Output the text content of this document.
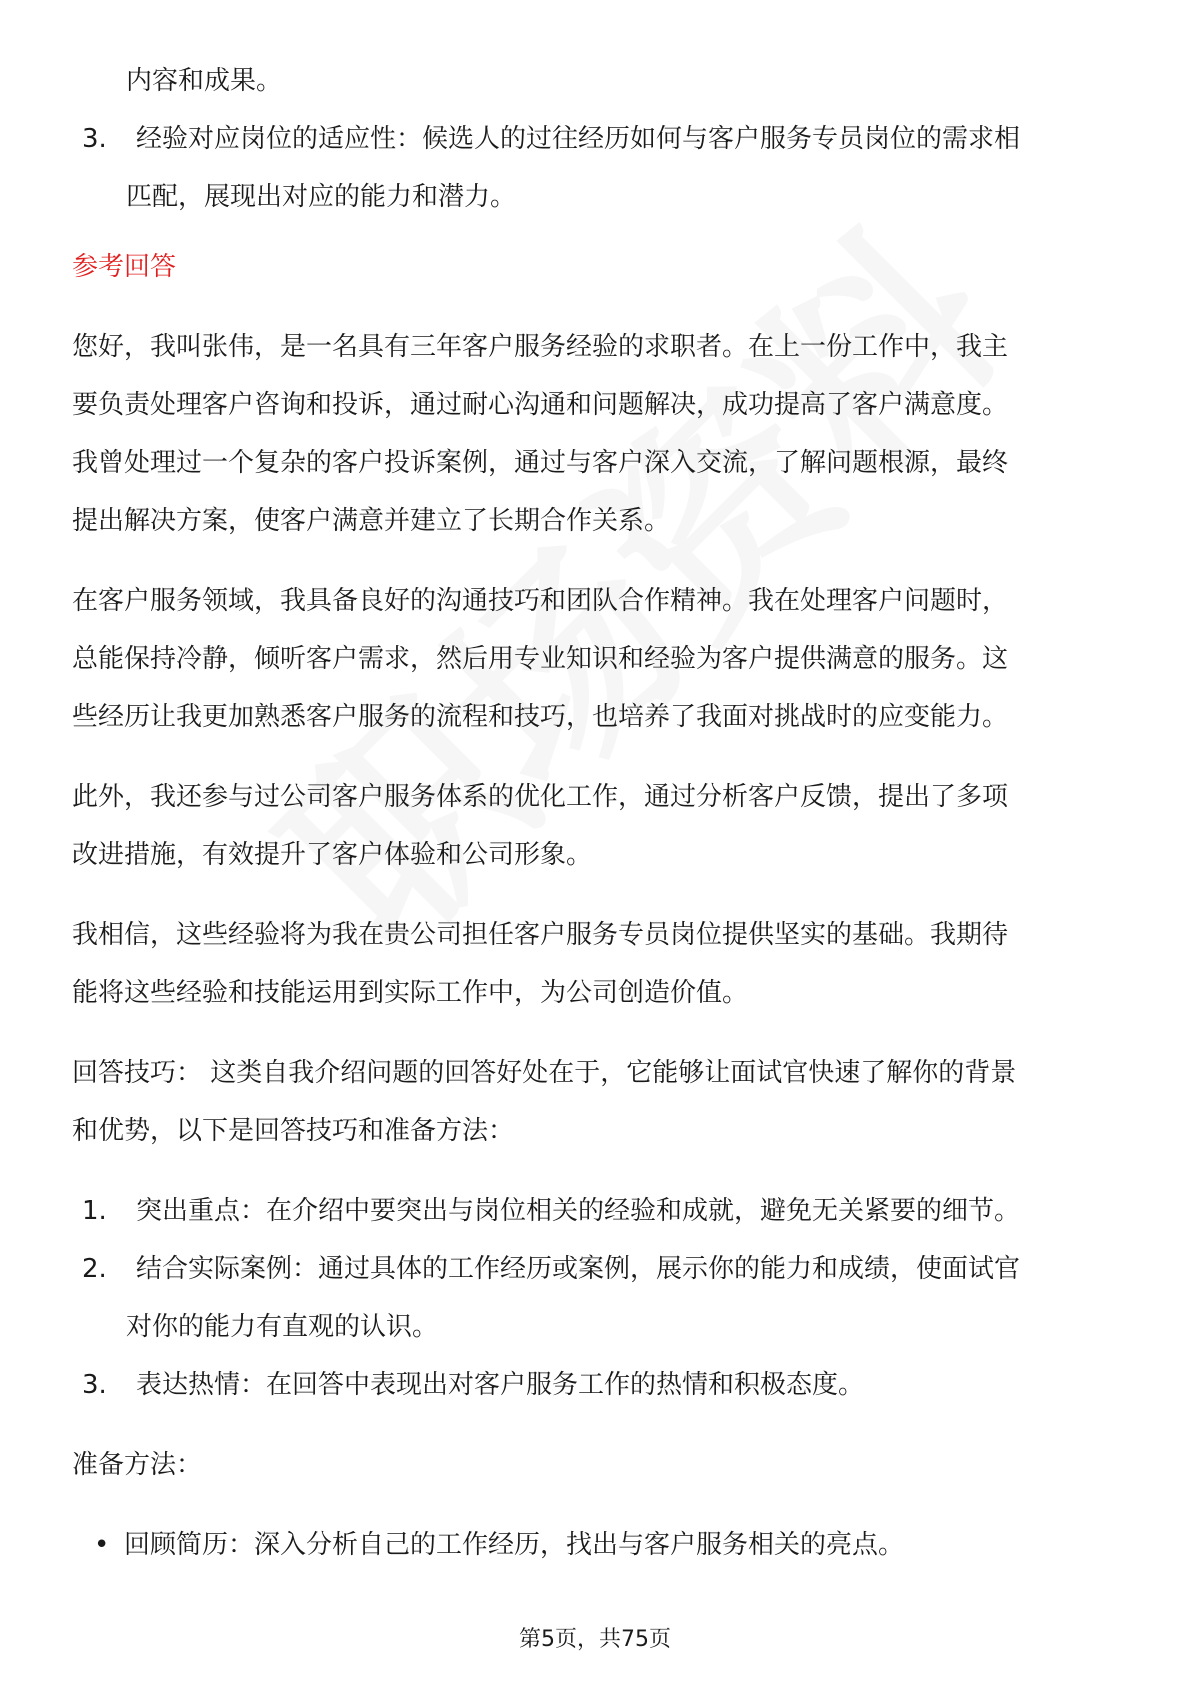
内容和成果。

3. 经验对应岗位的适应性：候选人的过往经历如何与客户服务专员岗位的需求相

匹配，展现出对应的能力和潜力。

参考回答

您好，我叫张伟，是一名具有三年客户服务经验的求职者。在上一份工作中，我主

要负责处理客户咨询和投诉，通过耐心沟通和问题解决，成功提高了客户满意度。

我曾处理过一个复杂的客户投诉案例，通过与客户深入交流，了解问题根源，最终

提出解决方案，使客户满意并建立了长期合作关系。

在客户服务领域，我具备良好的沟通技巧和团队合作精神。我在处理客户问题时，

总能保持冷静，倾听客户需求，然后用专业知识和经验为客户提供满意的服务。这

些经历让我更加熟悉客户服务的流程和技巧，也培养了我面对挑战时的应变能力。

此外，我还参与过公司客户服务体系的优化工作，通过分析客户反馈，提出了多项

改进措施，有效提升了客户体验和公司形象。

我相信，这些经验将为我在贵公司担任客户服务专员岗位提供坚实的基础。我期待

能将这些经验和技能运用到实际工作中，为公司创造价值。

回答技巧： 这类自我介绍问题的回答好处在于，它能够让面试官快速了解你的背景

和优势，以下是回答技巧和准备方法：

1. 突出重点：在介绍中要突出与岗位相关的经验和成就，避免无关紧要的细节。

2. 结合实际案例：通过具体的工作经历或案例，展示你的能力和成绩，使面试官

对你的能力有直观的认识。

3. 表达热情：在回答中表现出对客户服务工作的热情和积极态度。

准备方法：

• 回顾简历：深入分析自己的工作经历，找出与客户服务相关的亮点。

第5页，共75页
